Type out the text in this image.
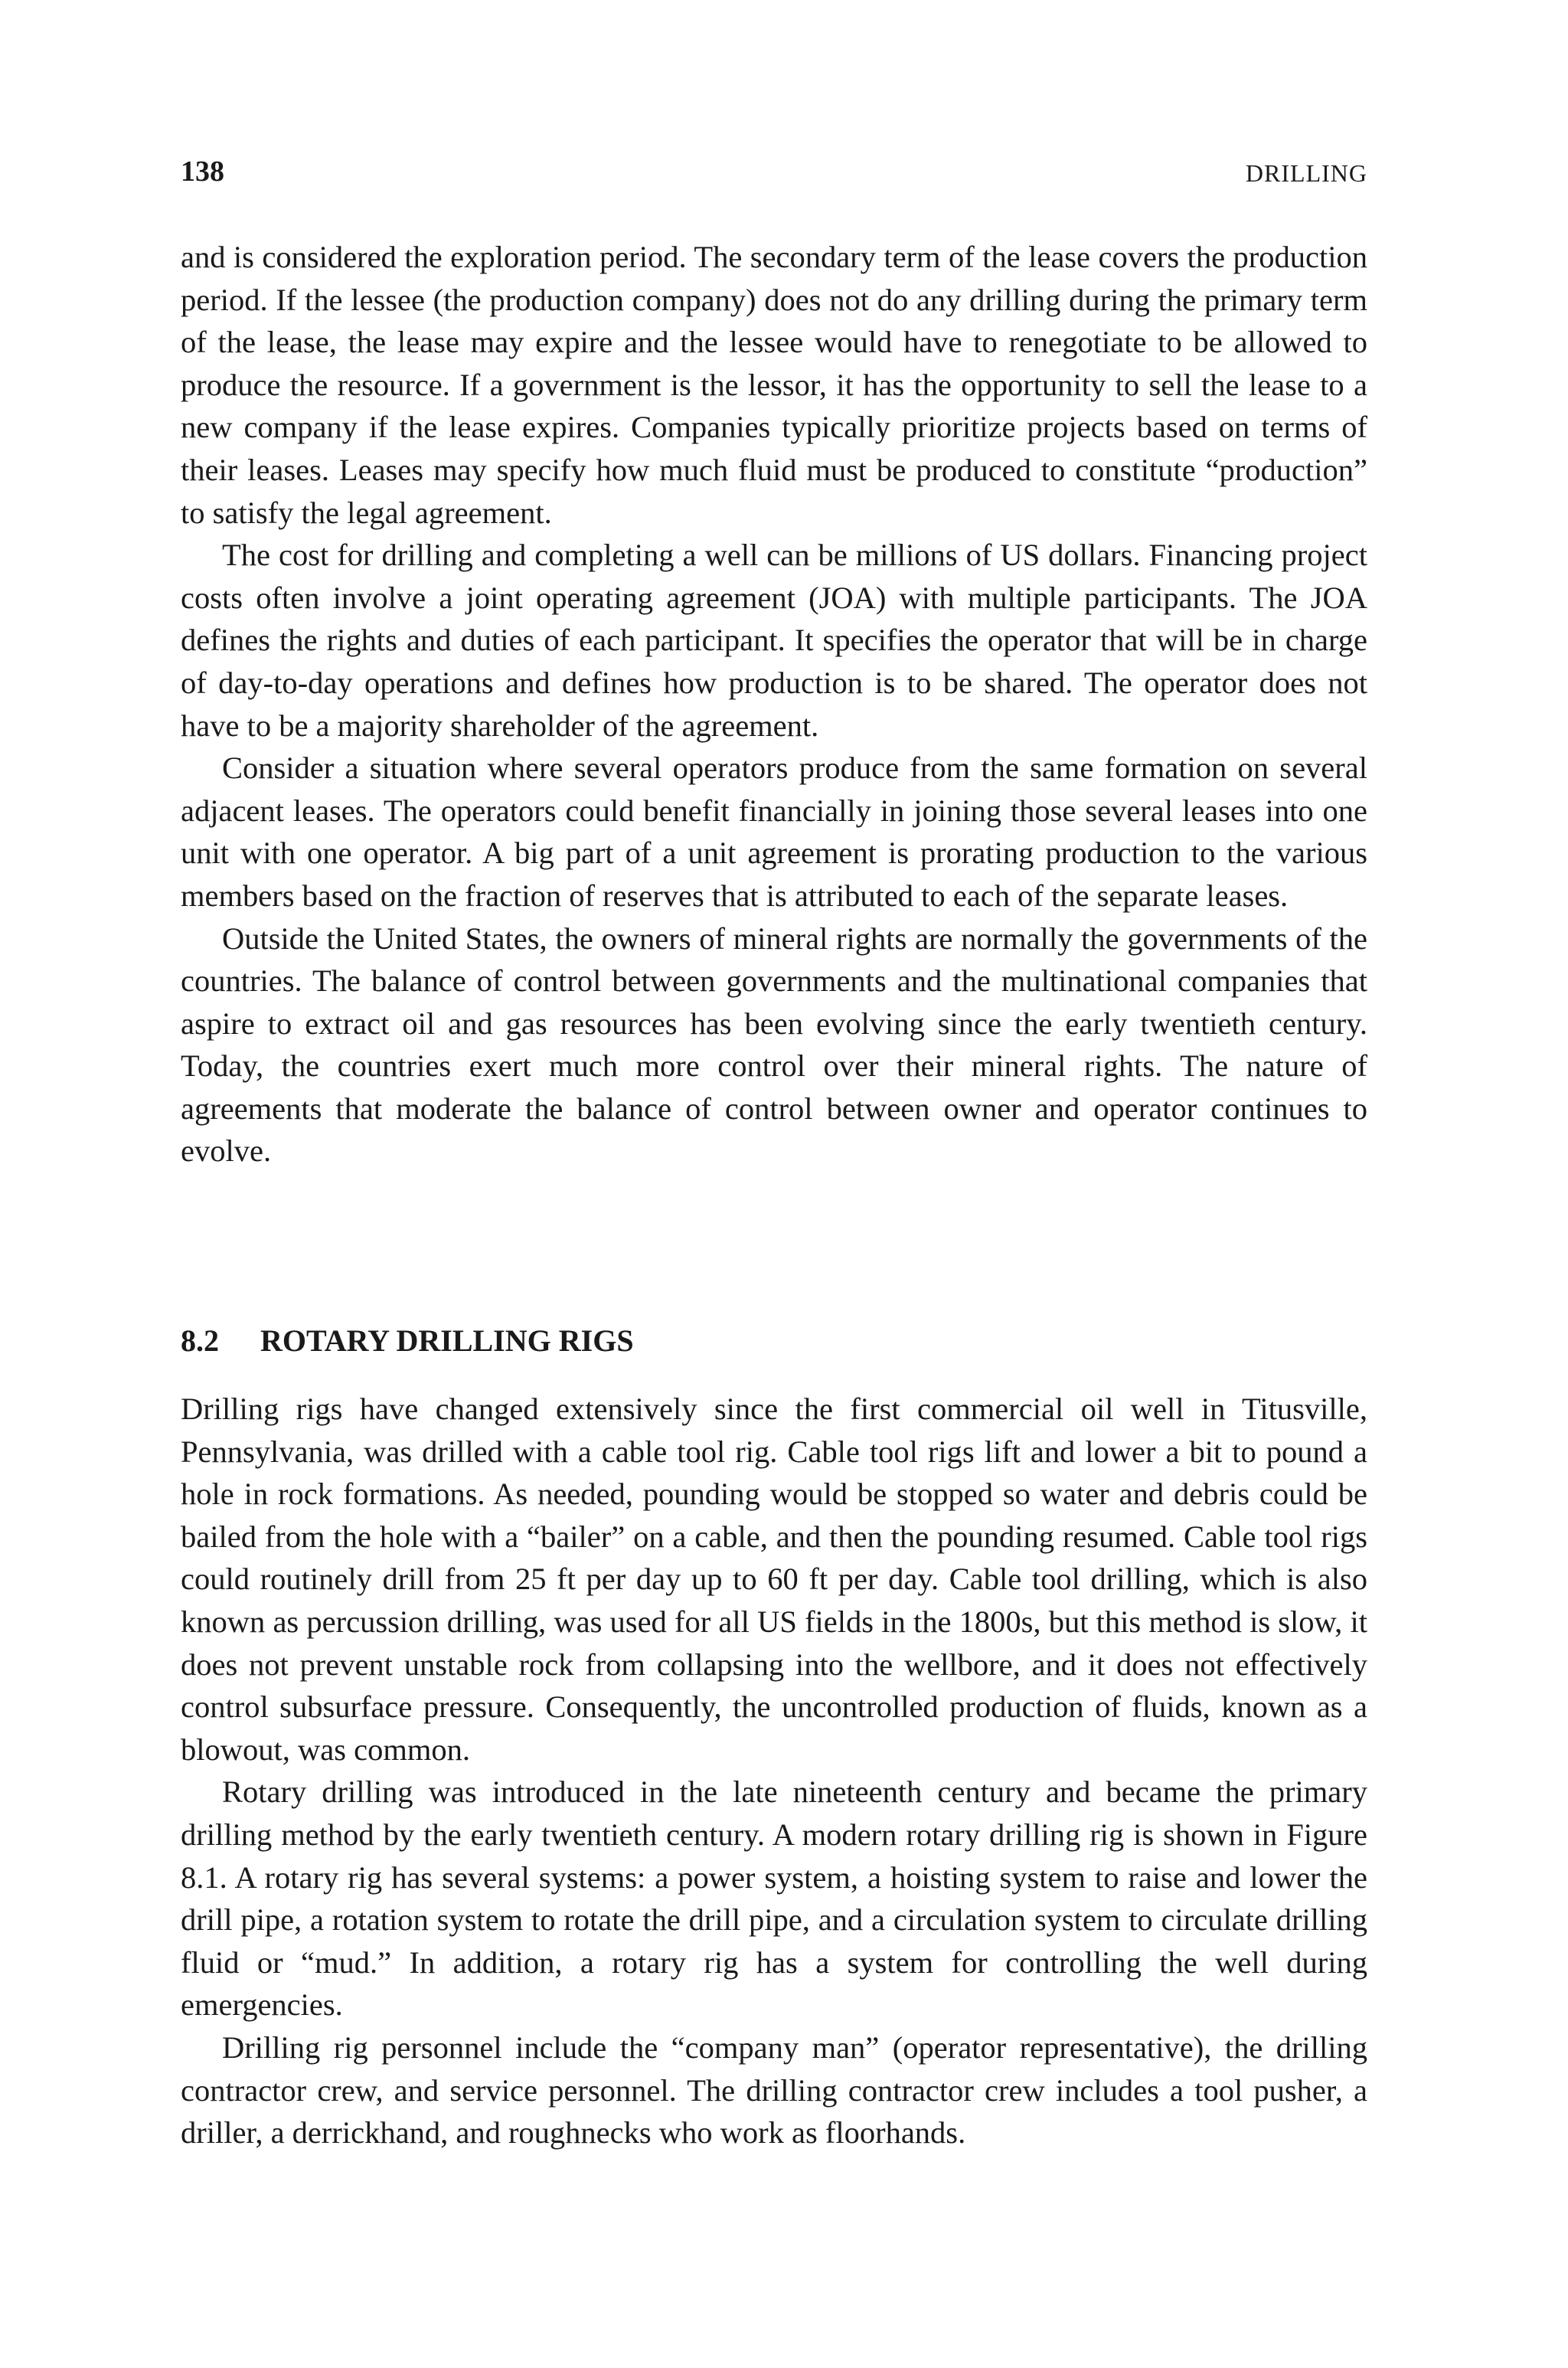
138	DRILLING

and is considered the exploration period. The secondary term of the lease covers the production period. If the lessee (the production company) does not do any drilling during the primary term of the lease, the lease may expire and the lessee would have to renegotiate to be allowed to produce the resource. If a government is the lessor, it has the opportunity to sell the lease to a new company if the lease expires. Companies typically prioritize projects based on terms of their leases. Leases may specify how much fluid must be produced to constitute “production” to satisfy the legal agreement.

The cost for drilling and completing a well can be millions of US dollars. Financing project costs often involve a joint operating agreement (JOA) with multiple participants. The JOA defines the rights and duties of each participant. It specifies the operator that will be in charge of day-to-day operations and defines how production is to be shared. The operator does not have to be a majority shareholder of the agreement.

Consider a situation where several operators produce from the same formation on several adjacent leases. The operators could benefit financially in joining those several leases into one unit with one operator. A big part of a unit agreement is prorating production to the various members based on the fraction of reserves that is attributed to each of the separate leases.

Outside the United States, the owners of mineral rights are normally the governments of the countries. The balance of control between governments and the multinational companies that aspire to extract oil and gas resources has been evolving since the early twentieth century. Today, the countries exert much more control over their mineral rights. The nature of agreements that moderate the balance of control between owner and operator continues to evolve.

8.2 ROTARY DRILLING RIGS

Drilling rigs have changed extensively since the first commercial oil well in Titusville, Pennsylvania, was drilled with a cable tool rig. Cable tool rigs lift and lower a bit to pound a hole in rock formations. As needed, pounding would be stopped so water and debris could be bailed from the hole with a “bailer” on a cable, and then the pounding resumed. Cable tool rigs could routinely drill from 25 ft per day up to 60 ft per day. Cable tool drilling, which is also known as percussion drilling, was used for all US fields in the 1800s, but this method is slow, it does not prevent unstable rock from collapsing into the wellbore, and it does not effectively control subsurface pressure. Consequently, the uncontrolled production of fluids, known as a blowout, was common.

Rotary drilling was introduced in the late nineteenth century and became the primary drilling method by the early twentieth century. A modern rotary drilling rig is shown in Figure 8.1. A rotary rig has several systems: a power system, a hoisting system to raise and lower the drill pipe, a rotation system to rotate the drill pipe, and a circulation system to circulate drilling fluid or “mud.” In addition, a rotary rig has a system for controlling the well during emergencies.

Drilling rig personnel include the “company man” (operator representative), the drilling contractor crew, and service personnel. The drilling contractor crew includes a tool pusher, a driller, a derrickhand, and roughnecks who work as floorhands.
